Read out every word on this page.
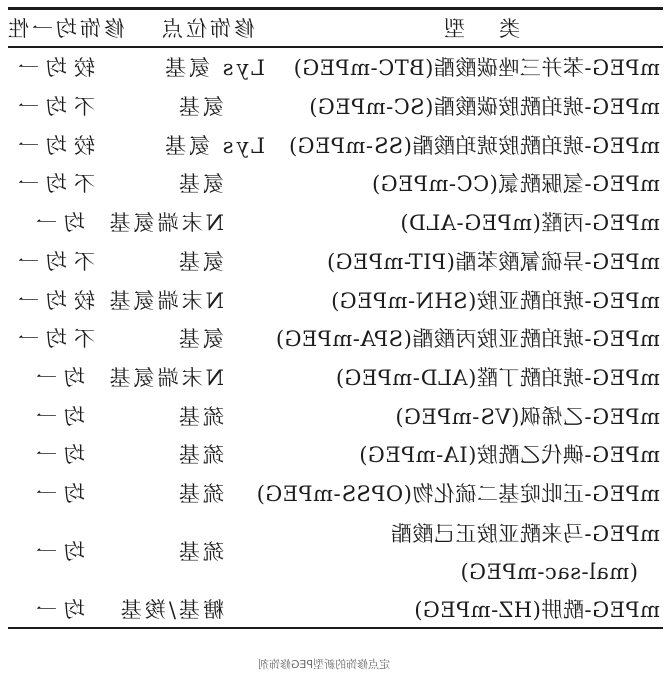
类型
修饰位点
修饰均一性
mPEG-苯并三唑碳酸酯(BTC-mPEG)
Lys 氨基
较均一
mPEG-琥珀酰胺碳酸酯(SC-mPEG)
氨基
不均一
mPEG-琥珀酰胺琥珀酸酯(SS-mPEG)
Lys 氨基
较均一
mPEG-氢脲酰氯(CC-mPEG)
氨基
不均一
mPEG-丙醛(mPEG-ALD)
N末端氨基
均一
mPEG-异硫氰酸苯酯(PIT-mPEG)
氨基
不均一
mPEG-琥珀酰亚胺(SHN-mPEG)
N末端氨基
较均一
mPEG-琥珀酰亚胺丙酸酯(SPA-mPEG)
氨基
不均一
mPEG-琥珀酰丁醛(ALD-mPEG)
N末端氨基
均一
mPEG-乙烯砜(VS-mPEG)
巯基
均一
mPEG-碘代乙酰胺(IA-mPEG)
巯基
均一
mPEG-正吡啶基二硫化物(OPSS-mPEG)
巯基
均一
mPEG-马来酰亚胺正己酸酯
(mal-sac-mPEG)
巯基
均一
mPEG-酰肼(HZ-mPEG)
糖基/羧基
均一
定点修饰的新型PEG修饰剂
